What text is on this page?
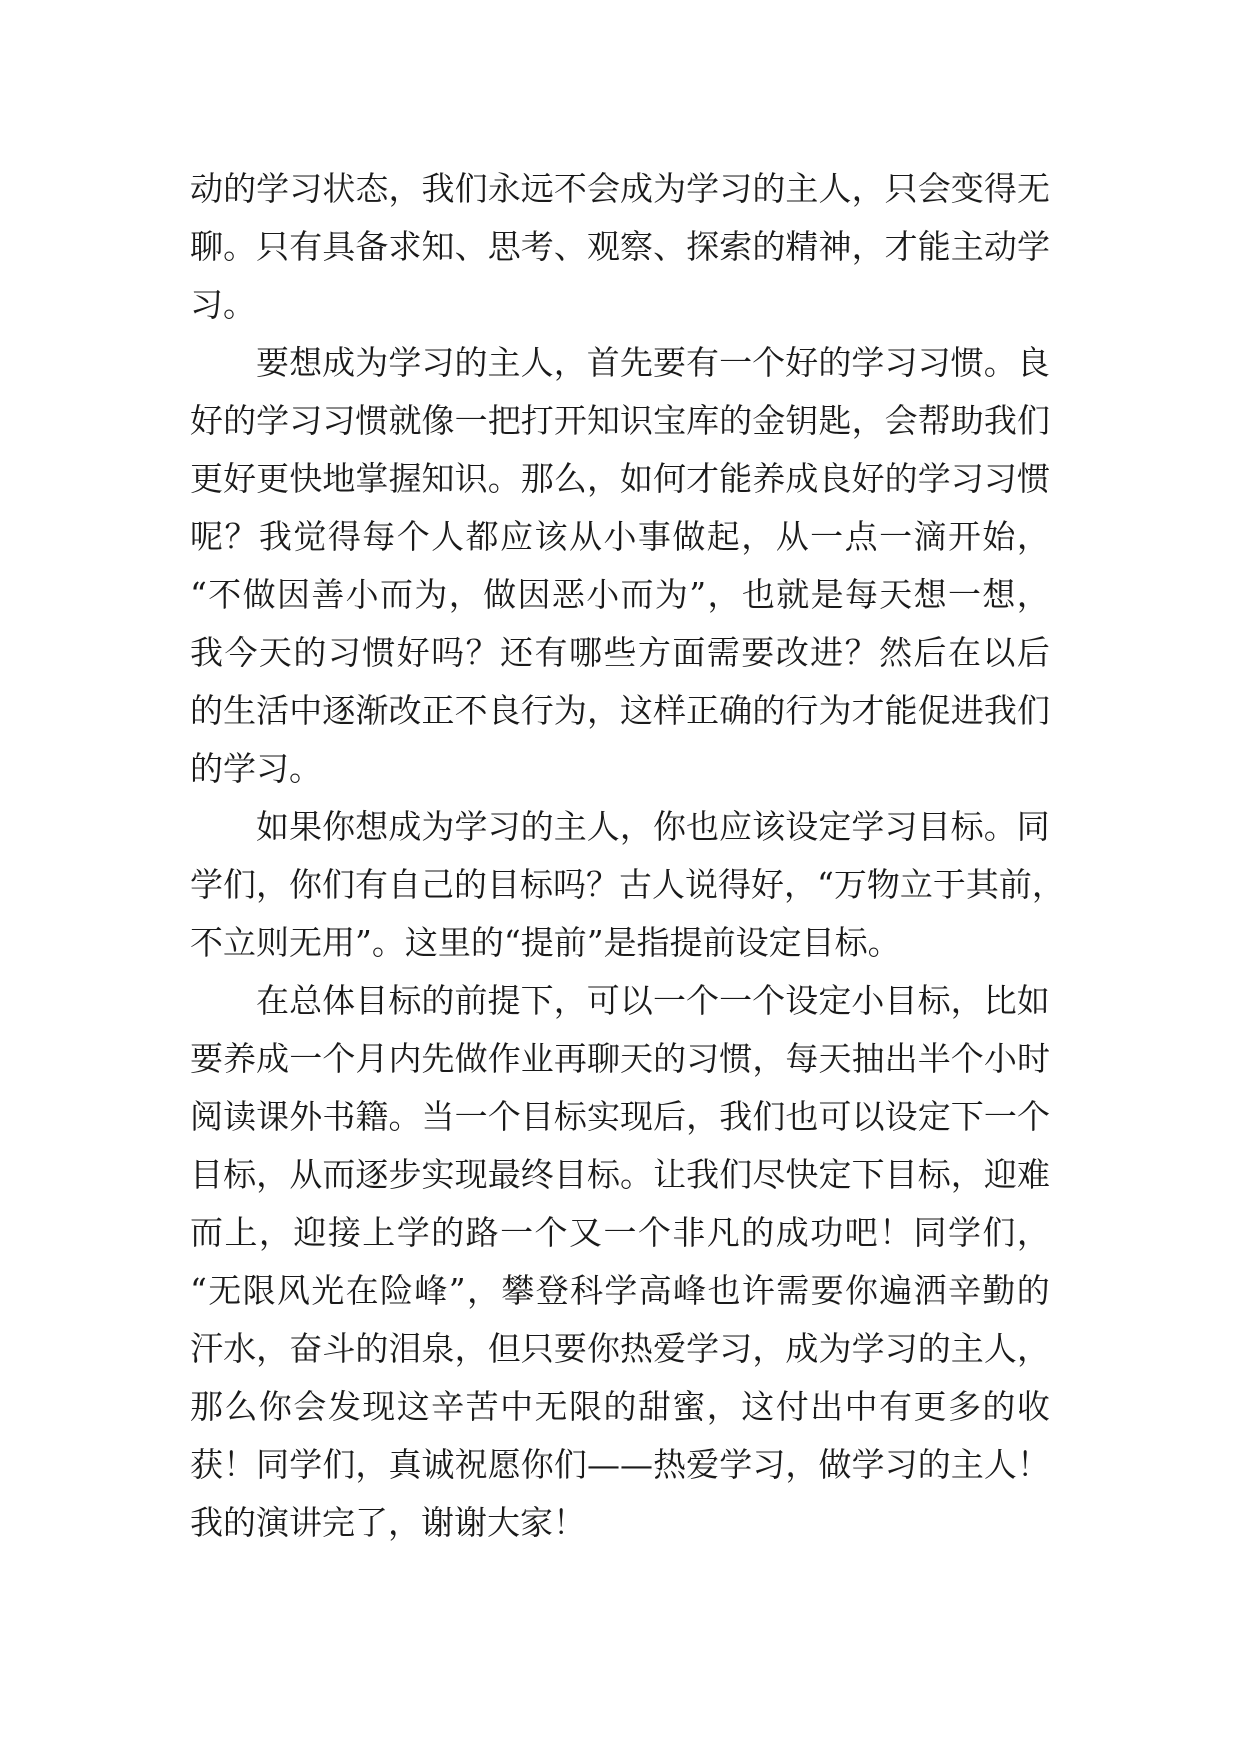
动 的 学 习 状 态 ， 我 们 永 远 不 会 成 为 学 习 的 主 人 ， 只 会 变 得 无
聊 。 只 有 具 备 求 知 、 思 考 、 观 察 、 探 索 的 精 神 ， 才 能 主 动 学
习。
要 想 成 为 学 习 的 主 人 ， 首 先 要 有 一 个 好 的 学 习 习 惯 。 良
好 的 学 习 习 惯 就 像 一 把 打 开 知 识 宝 库 的 金 钥 匙 ， 会 帮 助 我 们
更 好 更 快 地 掌 握 知 识 。 那 么 ， 如 何 才 能 养 成 良 好 的 学 习 习 惯
呢 ？ 我 觉 得 每 个 人 都 应 该 从 小 事 做 起 ， 从 一 点 一 滴 开 始 ，
“ 不 做 因 善 小 而 为 ， 做 因 恶 小 而 为 ” ， 也 就 是 每 天 想 一 想 ，
我 今 天 的 习 惯 好 吗 ？ 还 有 哪 些 方 面 需 要 改 进 ？ 然 后 在 以 后
的 生 活 中 逐 渐 改 正 不 良 行 为 ， 这 样 正 确 的 行 为 才 能 促 进 我 们
的学习。
如 果 你 想 成 为 学 习 的 主 人 ， 你 也 应 该 设 定 学 习 目 标 。 同
学 们 ， 你 们 有 自 己 的 目 标 吗 ？ 古 人 说 得 好 ， “ 万 物 立 于 其 前 ，
不立则无用”。这里的“提前”是指提前设定目标。
在 总 体 目 标 的 前 提 下 ， 可 以 一 个 一 个 设 定 小 目 标 ， 比 如
要 养 成 一 个 月 内 先 做 作 业 再 聊 天 的 习 惯 ， 每 天 抽 出 半 个 小 时
阅 读 课 外 书 籍 。 当 一 个 目 标 实 现 后 ， 我 们 也 可 以 设 定 下 一 个
目 标 ， 从 而 逐 步 实 现 最 终 目 标 。 让 我 们 尽 快 定 下 目 标 ， 迎 难
而 上 ， 迎 接 上 学 的 路 一 个 又 一 个 非 凡 的 成 功 吧 ！ 同 学 们 ，
“ 无 限 风 光 在 险 峰 ” ， 攀 登 科 学 高 峰 也 许 需 要 你 遍 洒 辛 勤 的
汗 水 ， 奋 斗 的 泪 泉 ， 但 只 要 你 热 爱 学 习 ， 成 为 学 习 的 主 人 ，
那 么 你 会 发 现 这 辛 苦 中 无 限 的 甜 蜜 ， 这 付 出 中 有 更 多 的 收
获 ！ 同 学 们 ， 真 诚 祝 愿 你 们 — — 热 爱 学 习 ， 做 学 习 的 主 人 ！
我的演讲完了，谢谢大家！
